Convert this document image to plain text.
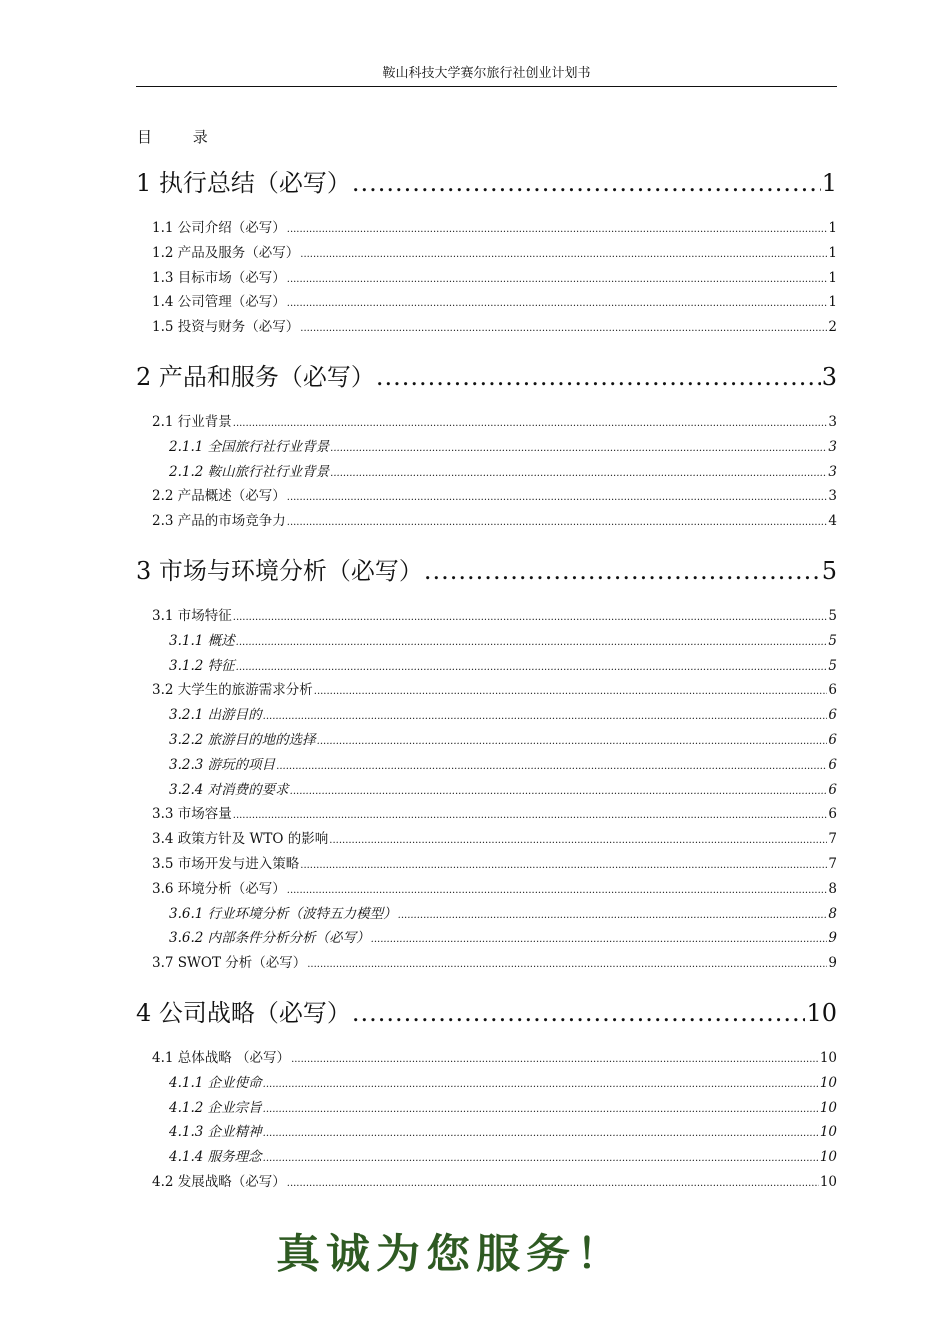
鞍山科技大学赛尔旅行社创业计划书
目 录
1 执行总结（必写） .....	1
1.1 公司介绍（必写） .....	1
1.2 产品及服务（必写） .....	1
1.3 目标市场（必写） .....	1
1.4 公司管理（必写） .....	1
1.5 投资与财务（必写） .....	2
2 产品和服务（必写） .....	3
2.1 行业背景 .....	3
2.1.1 全国旅行社行业背景 .....	3
2.1.2 鞍山旅行社行业背景 .....	3
2.2 产品概述（必写） .....	3
2.3 产品的市场竞争力 .....	4
3 市场与环境分析（必写） .....	5
3.1 市场特征 .....	5
3.1.1 概述 .....	5
3.1.2 特征 .....	5
3.2 大学生的旅游需求分析 .....	6
3.2.1 出游目的 .....	6
3.2.2 旅游目的地的选择 .....	6
3.2.3 游玩的项目 .....	6
3.2.4 对消费的要求 .....	6
3.3 市场容量 .....	6
3.4 政策方针及 WTO 的影响 .....	7
3.5 市场开发与进入策略 .....	7
3.6 环境分析（必写） .....	8
3.6.1 行业环境分析（波特五力模型） .....	8
3.6.2 内部条件分析分析（必写） .....	9
3.7 SWOT 分析（必写） .....	9
4 公司战略（必写） .....	10
4.1 总体战略 （必写） .....	10
4.1.1 企业使命 .....	10
4.1.2 企业宗旨 .....	10
4.1.3 企业精神 .....	10
4.1.4 服务理念 .....	10
4.2 发展战略（必写） .....	10
真诚为您服务！
